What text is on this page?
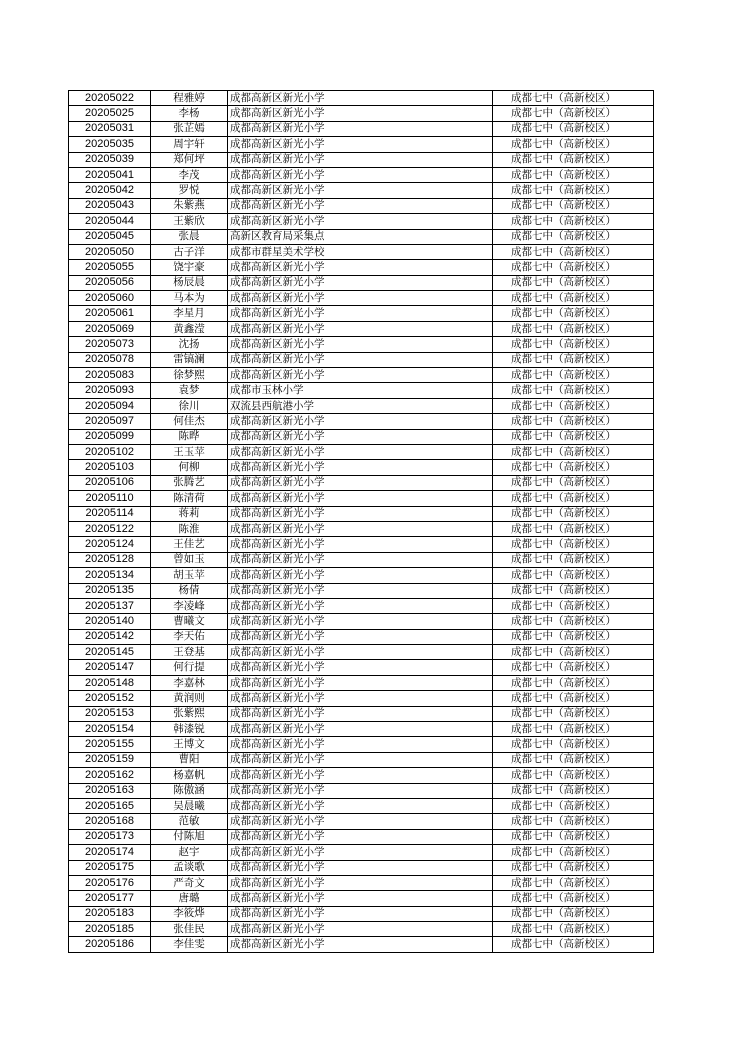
20205022	程雅婷	成都高新区新光小学	成都七中（高新校区）
20205025	李杨	成都高新区新光小学	成都七中（高新校区）
20205031	张芷嫣	成都高新区新光小学	成都七中（高新校区）
20205035	周宇轩	成都高新区新光小学	成都七中（高新校区）
20205039	郑何坪	成都高新区新光小学	成都七中（高新校区）
20205041	李茂	成都高新区新光小学	成都七中（高新校区）
20205042	罗悦	成都高新区新光小学	成都七中（高新校区）
20205043	朱紫燕	成都高新区新光小学	成都七中（高新校区）
20205044	王紫欣	成都高新区新光小学	成都七中（高新校区）
20205045	张晨	高新区教育局采集点	成都七中（高新校区）
20205050	古子洋	成都市群星美术学校	成都七中（高新校区）
20205055	饶宇豪	成都高新区新光小学	成都七中（高新校区）
20205056	杨辰晨	成都高新区新光小学	成都七中（高新校区）
20205060	马本为	成都高新区新光小学	成都七中（高新校区）
20205061	李星月	成都高新区新光小学	成都七中（高新校区）
20205069	黄鑫滢	成都高新区新光小学	成都七中（高新校区）
20205073	沈扬	成都高新区新光小学	成都七中（高新校区）
20205078	雷镐澜	成都高新区新光小学	成都七中（高新校区）
20205083	徐梦熙	成都高新区新光小学	成都七中（高新校区）
20205093	袁梦	成都市玉林小学	成都七中（高新校区）
20205094	徐川	双流县西航港小学	成都七中（高新校区）
20205097	何佳杰	成都高新区新光小学	成都七中（高新校区）
20205099	陈晔	成都高新区新光小学	成都七中（高新校区）
20205102	王玉苹	成都高新区新光小学	成都七中（高新校区）
20205103	何柳	成都高新区新光小学	成都七中（高新校区）
20205106	张腾艺	成都高新区新光小学	成都七中（高新校区）
20205110	陈清荷	成都高新区新光小学	成都七中（高新校区）
20205114	蒋莉	成都高新区新光小学	成都七中（高新校区）
20205122	陈淮	成都高新区新光小学	成都七中（高新校区）
20205124	王佳艺	成都高新区新光小学	成都七中（高新校区）
20205128	曾如玉	成都高新区新光小学	成都七中（高新校区）
20205134	胡玉苹	成都高新区新光小学	成都七中（高新校区）
20205135	杨倩	成都高新区新光小学	成都七中（高新校区）
20205137	李凌峰	成都高新区新光小学	成都七中（高新校区）
20205140	曹曦文	成都高新区新光小学	成都七中（高新校区）
20205142	李天佑	成都高新区新光小学	成都七中（高新校区）
20205145	王登基	成都高新区新光小学	成都七中（高新校区）
20205147	何行提	成都高新区新光小学	成都七中（高新校区）
20205148	李嘉林	成都高新区新光小学	成都七中（高新校区）
20205152	黄润则	成都高新区新光小学	成都七中（高新校区）
20205153	张紫熙	成都高新区新光小学	成都七中（高新校区）
20205154	韩漆锐	成都高新区新光小学	成都七中（高新校区）
20205155	王博文	成都高新区新光小学	成都七中（高新校区）
20205159	曹阳	成都高新区新光小学	成都七中（高新校区）
20205162	杨嘉帆	成都高新区新光小学	成都七中（高新校区）
20205163	陈傲涵	成都高新区新光小学	成都七中（高新校区）
20205165	吴晨曦	成都高新区新光小学	成都七中（高新校区）
20205168	范敏	成都高新区新光小学	成都七中（高新校区）
20205173	付陈旭	成都高新区新光小学	成都七中（高新校区）
20205174	赵宇	成都高新区新光小学	成都七中（高新校区）
20205175	孟谈歌	成都高新区新光小学	成都七中（高新校区）
20205176	严奇文	成都高新区新光小学	成都七中（高新校区）
20205177	唐璐	成都高新区新光小学	成都七中（高新校区）
20205183	李筱烨	成都高新区新光小学	成都七中（高新校区）
20205185	张佳民	成都高新区新光小学	成都七中（高新校区）
20205186	李佳雯	成都高新区新光小学	成都七中（高新校区）
